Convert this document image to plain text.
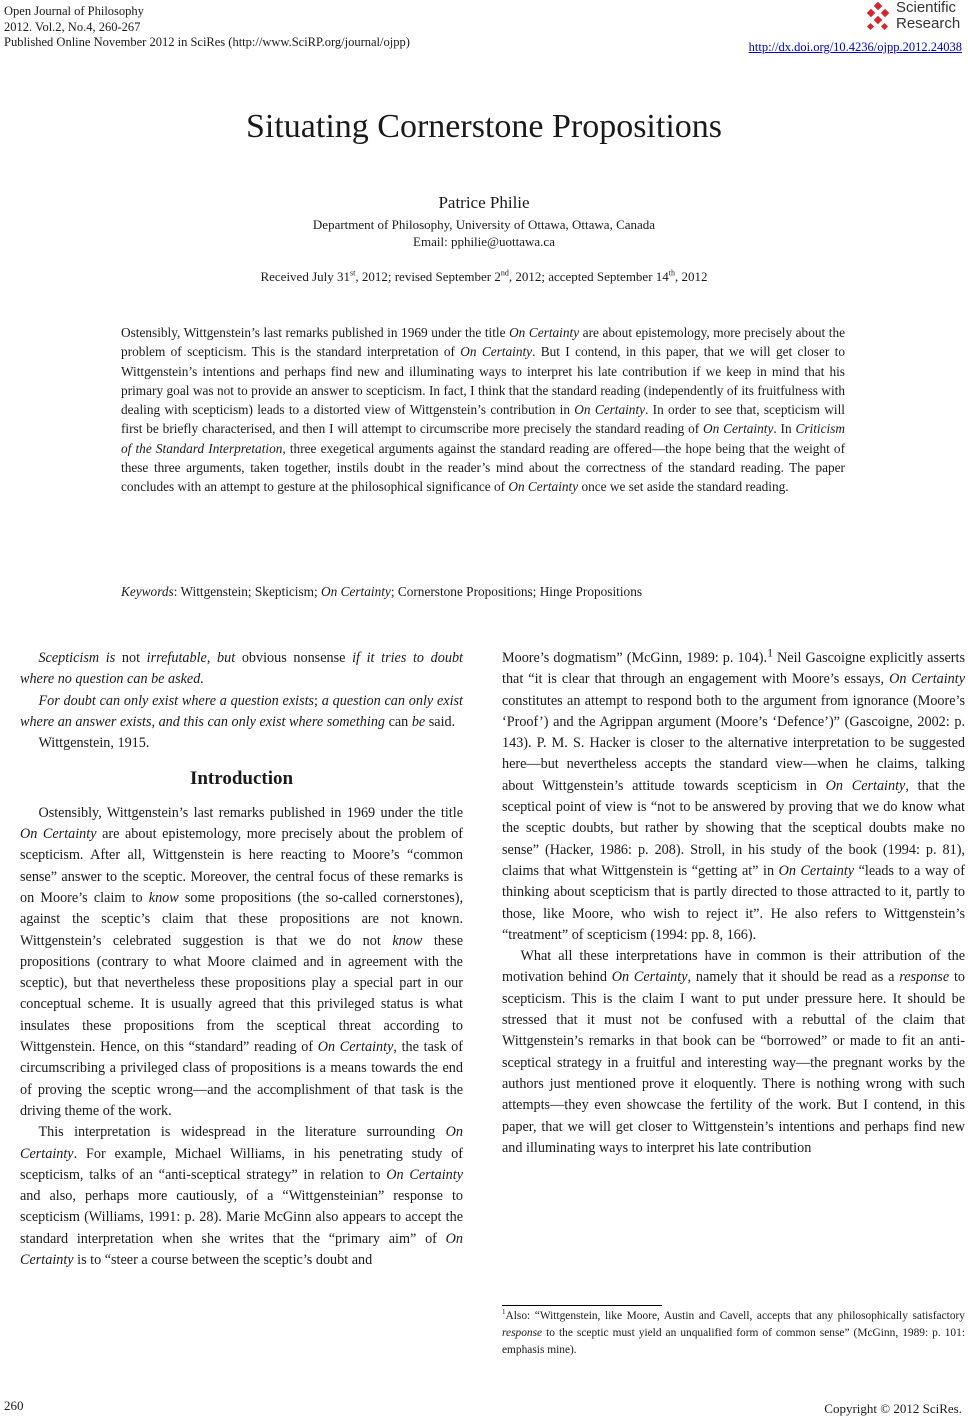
Open Journal of Philosophy
2012. Vol.2, No.4, 260-267
Published Online November 2012 in SciRes (http://www.SciRP.org/journal/ojpp)
Scientific
Research
http://dx.doi.org/10.4236/ojpp.2012.24038
Situating Cornerstone Propositions
Patrice Philie
Department of Philosophy, University of Ottawa, Ottawa, Canada
Email: pphilie@uottawa.ca
Received July 31st, 2012; revised September 2nd, 2012; accepted September 14th, 2012
Ostensibly, Wittgenstein’s last remarks published in 1969 under the title On Certainty are about epistemology, more precisely about the problem of scepticism. This is the standard interpretation of On Certainty. But I contend, in this paper, that we will get closer to Wittgenstein’s intentions and perhaps find new and illuminating ways to interpret his late contribution if we keep in mind that his primary goal was not to provide an answer to scepticism. In fact, I think that the standard reading (independently of its fruitfulness with dealing with scepticism) leads to a distorted view of Wittgenstein’s contribution in On Certainty. In order to see that, scepticism will first be briefly characterised, and then I will attempt to circumscribe more precisely the standard reading of On Certainty. In Criticism of the Standard Interpretation, three exegetical arguments against the standard reading are offered—the hope being that the weight of these three arguments, taken together, instils doubt in the reader’s mind about the correctness of the standard reading. The paper concludes with an attempt to gesture at the philosophical significance of On Certainty once we set aside the standard reading.
Keywords: Wittgenstein; Skepticism; On Certainty; Cornerstone Propositions; Hinge Propositions

Scepticism is not irrefutable, but obvious nonsense if it tries to doubt where no question can be asked.

For doubt can only exist where a question exists; a question can only exist where an answer exists, and this can only exist where something can be said.

Wittgenstein, 1915.

Introduction

Ostensibly, Wittgenstein’s last remarks published in 1969 under the title On Certainty are about epistemology, more precisely about the problem of scepticism. After all, Wittgenstein is here reacting to Moore’s “common sense” answer to the sceptic. Moreover, the central focus of these remarks is on Moore’s claim to know some propositions (the so-called cornerstones), against the sceptic’s claim that these propositions are not known. Wittgenstein’s celebrated suggestion is that we do not know these propositions (contrary to what Moore claimed and in agreement with the sceptic), but that nevertheless these propositions play a special part in our conceptual scheme. It is usually agreed that this privileged status is what insulates these propositions from the sceptical threat according to Wittgenstein. Hence, on this “standard” reading of On Certainty, the task of circumscribing a privileged class of propositions is a means towards the end of proving the sceptic wrong—and the accomplishment of that task is the driving theme of the work.

This interpretation is widespread in the literature surrounding On Certainty. For example, Michael Williams, in his penetrating study of scepticism, talks of an “anti-sceptical strategy” in relation to On Certainty and also, perhaps more cautiously, of a “Wittgensteinian” response to scepticism (Williams, 1991: p. 28). Marie McGinn also appears to accept the standard interpretation when she writes that the “primary aim” of On Certainty is to “steer a course between the sceptic’s doubt and

Moore’s dogmatism” (McGinn, 1989: p. 104).$^1$ Neil Gascoigne explicitly asserts that “it is clear that through an engagement with Moore’s essays, On Certainty constitutes an attempt to respond both to the argument from ignorance (Moore’s ‘Proof’) and the Agrippan argument (Moore’s ‘Defence’)” (Gascoigne, 2002: p. 143). P. M. S. Hacker is closer to the alternative interpretation to be suggested here—but nevertheless accepts the standard view—when he claims, talking about Wittgenstein’s attitude towards scepticism in On Certainty, that the sceptical point of view is “not to be answered by proving that we do know what the sceptic doubts, but rather by showing that the sceptical doubts make no sense” (Hacker, 1986: p. 208). Stroll, in his study of the book (1994: p. 81), claims that what Wittgenstein is “getting at” in On Certainty “leads to a way of thinking about scepticism that is partly directed to those attracted to it, partly to those, like Moore, who wish to reject it”. He also refers to Wittgenstein’s “treatment” of scepticism (1994: pp. 8, 166).

What all these interpretations have in common is their attribution of the motivation behind On Certainty, namely that it should be read as a response to scepticism. This is the claim I want to put under pressure here. It should be stressed that it must not be confused with a rebuttal of the claim that Wittgenstein’s remarks in that book can be “borrowed” or made to fit an anti-sceptical strategy in a fruitful and interesting way—the pregnant works by the authors just mentioned prove it eloquently. There is nothing wrong with such attempts—they even showcase the fertility of the work. But I contend, in this paper, that we will get closer to Wittgenstein’s intentions and perhaps find new and illuminating ways to interpret his late contribution

$^1$Also: “Wittgenstein, like Moore, Austin and Cavell, accepts that any philosophically satisfactory response to the sceptic must yield an unqualified form of common sense” (McGinn, 1989: p. 101: emphasis mine).
260	Copyright © 2012 SciRes.
